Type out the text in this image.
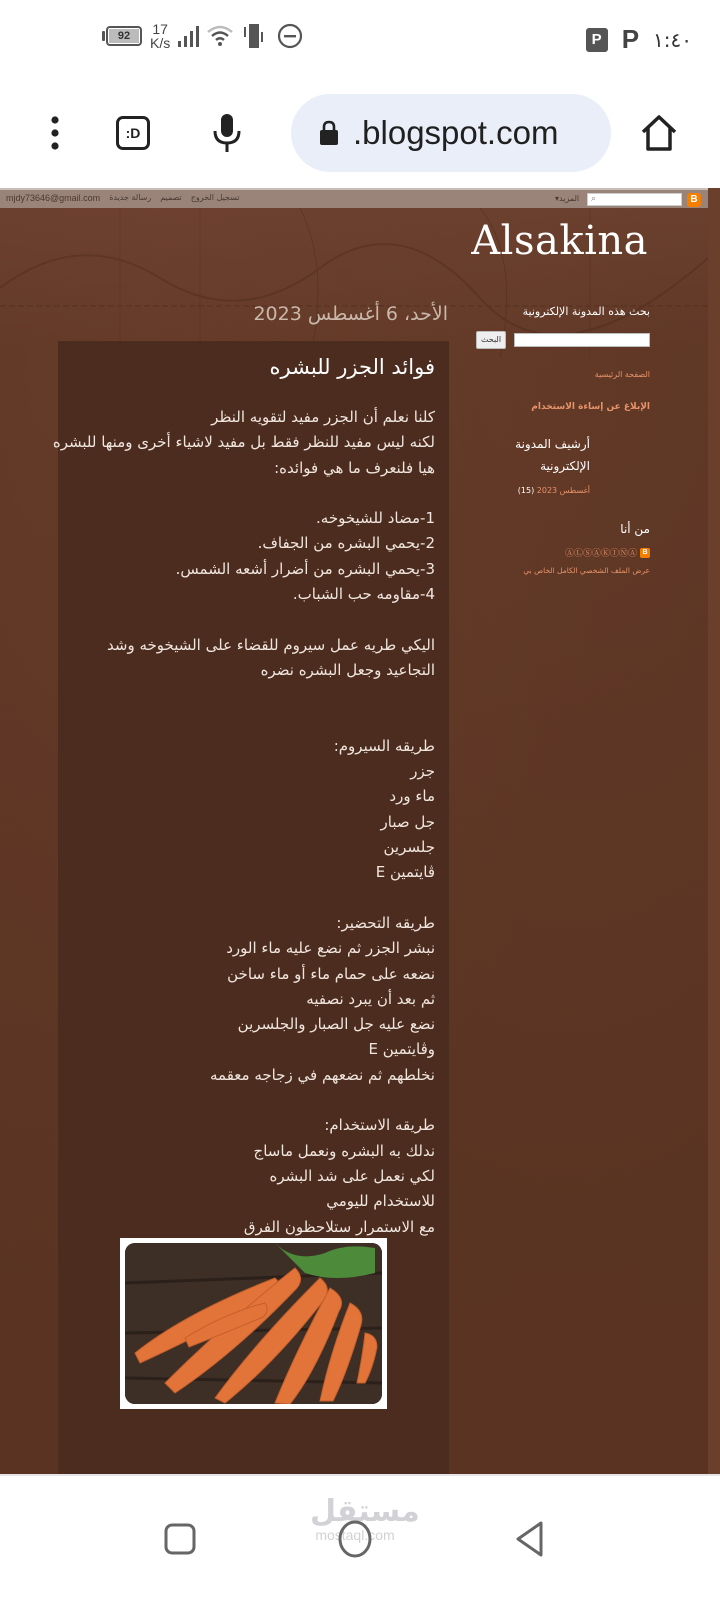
92	17
K/s	P P ١:٤٠
:D	.blogspot.com
mjdy73646@gmail.com رسالة جديدة تصميم تسجيل الخروج	▾المزيد ⌕	B
Alsakina
الأحد، 6 أغسطس 2023
فوائد الجزر للبشره
كلنا نعلم أن الجزر مفيد لتقويه النظر
لكنه ليس مفيد للنظر فقط بل مفيد لاشياء أخرى ومنها للبشره
هيا فلنعرف ما هي فوائده:

1-مضاد للشيخوخه.
2-يحمي البشره من الجفاف.
3-يحمي البشره من أضرار أشعه الشمس.
4-مقاومه حب الشباب.

اليكي طريه عمل سيروم للقضاء على الشيخوخه وشد
التجاعيد وجعل البشره نضره

طريقه السيروم:
جزر
ماء ورد
جل صبار
جلسرين
ڤايتمين E

طريقه التحضير:
نبشر الجزر ثم نضع عليه ماء الورد
نضعه على حمام ماء أو ماء ساخن
ثم بعد أن يبرد نصفيه
نضع عليه جل الصبار والجلسرين
وڤايتمين E
نخلطهم ثم نضعهم في زجاجه معقمه

طريقه الاستخدام:
ندلك به البشره ونعمل ماساج
لكي نعمل على شد البشره
للاستخدام لليومي
مع الاستمرار ستلاحظون الفرق
بحث هذه المدونة الإلكترونية
البحث
الصفحة الرئيسية
الإبلاغ عن إساءة الاستخدام
أرشيف المدونة
الإلكترونية
أغسطس 2023 (15)
من أنا
B
ⒶⓁⓈⒶⓀⒾⓃⒶ
عرض الملف الشخصي الكامل الخاص بي
مستقل
mostaql.com
